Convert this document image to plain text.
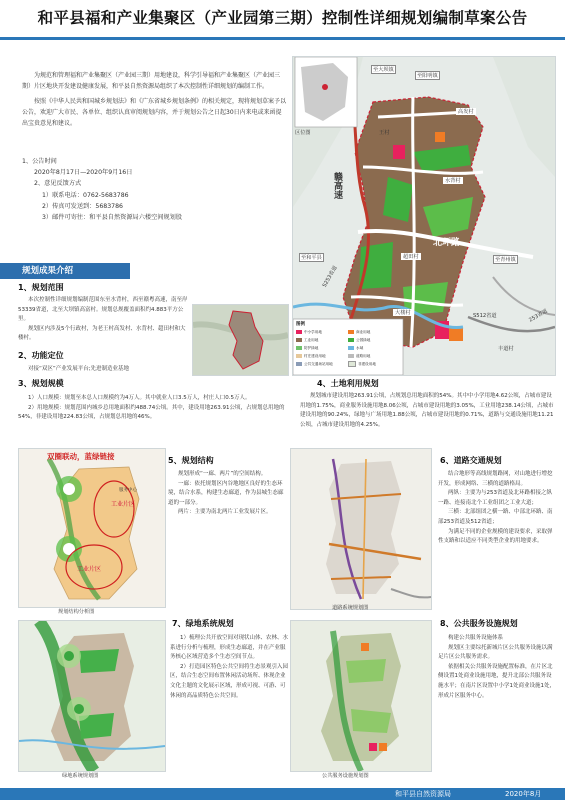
和平县福和产业集聚区（产业园第三期）控制性详细规划编制草案公告

为规范和管理福和产业集聚区（产业园三期）用地建设，科学引导福和产业集聚区（产业园三期）片区地块开发建设健康发展，和平县自然资源局组织了本次控制性详细规划的编制工作。

按照《中华人民共和国城乡规划法》和《广东省城乡规划条例》的相关规定，现将规划草案予以公告，欢迎广大市民、各单位、组织认真审阅规划内容，并于规划公告之日起30日内来电或来函提出宝贵意见和建议。

1、公告时间
2020年8月17日—2020年9月16日
2、意见反馈方式
1）联系电话：0762-5683786
2）传真可发送到：5683786
3）邮件可寄往：和平县自然资源局六楼空间规划股
区位图
高发村
王村
水背村
超田村
大楼村
丰道村
北环路
赣高速
至大坝镇
至阳明镇
至和平县	至青州镇
S253省道
S512省道	253省道
图例
中小学用地	商业用地
工业用地	公园绿地
防护绿地	水域
村庄建设用地	道路用地
公共交通场站用地	非建设用地
规划成果介绍
1、规划范围

本次控制性详细规划编制范围东至水背村，西至赣粤高速，南至岸53339省道，北至大坝镇高富村。规划总规覆盖面积约4.883平方公里。

规划区内涉及5个行政村，为老王村高发村、水背村、超田村和大楼村。

2、功能定位
对接“双区”产业发展平台;先进制造业基地
3、规划规模

1）人口规模：规划至本总人口规模约为4万人。其中就业人口3.5万人，村庄人口0.5万人。

2）用地规模：规划范围内城乡总用地面积约488.74公顷。其中，建设用地263.91公顷，占规划总用地的54%，非建设用地224.83公顷，占规划总用地的46%。

4、土地利用规划

规划城市建设用地263.91公顷，占规划总用地面积的54%。其中中小学用地4.62公顷，占城市建设用地的1.75%，商业服务设施用地8.06公顷，占城市建设用地的3.05%，工业用地238.14公顷，占城市建设用地的90.24%，绿地与广场用地1.88公顷，占城市建设用地的0.71%，道路与交通设施用地11.21公顷，占城市建设用地的4.25%。

双圈联动，蓝绿链接
工业片区
工业片区
服务中心
规划结构分析图
5、规划结构

规划形成“一廊、两片”的空间结构。

一廊：依托规划区内谷地地区良好的生态环境，结合水系，构建生态廊道，作为县城生态廊道的一部分。

两片：主要为南北两片工业发展片区。

道路系统规划图
6、道路交通规划

结合地形等高线规划路网，对山地进行增挖开发，形成网络、三横的道路格局。

两纵：主要为与253省道及北环路相接之纵一路、连接南北个工业组团之工业大道；

三横：北部组团之横一路、中部北环路、南部253省道及512省道；

为满足不同的企业规模的建设要求，采取弹性支路和以适应不同类型企业的用地要求。

绿地系统规划图
7、绿地系统规划

1）梳理公共开放空间对现状山体、农林、水系进行分析与梳理，形成生态廊道，并在产业服务核心区域营造多个生态空间节点。

2）打造园区特色公共空间将生态景观引入园区，结合生态空间布置休闲活动场所、体现企业文化主题的文化展示区域，形成可视、可游、可休闲的高品质特色公共空间。

公共服务设施规划图
8、公共服务设施规划

构建公共服务设施体系

规划区主要综托新城片区公共服务设施以满足片区公共服务需求。

依据相关公共服务设施配置标准，在片区北侧设置1处商业设施用地，提升北部公共服务设施水平；在南片区设置中小学1处商业设施1处，形成片区服务中心。

和平县自然资源局	2020年8月
